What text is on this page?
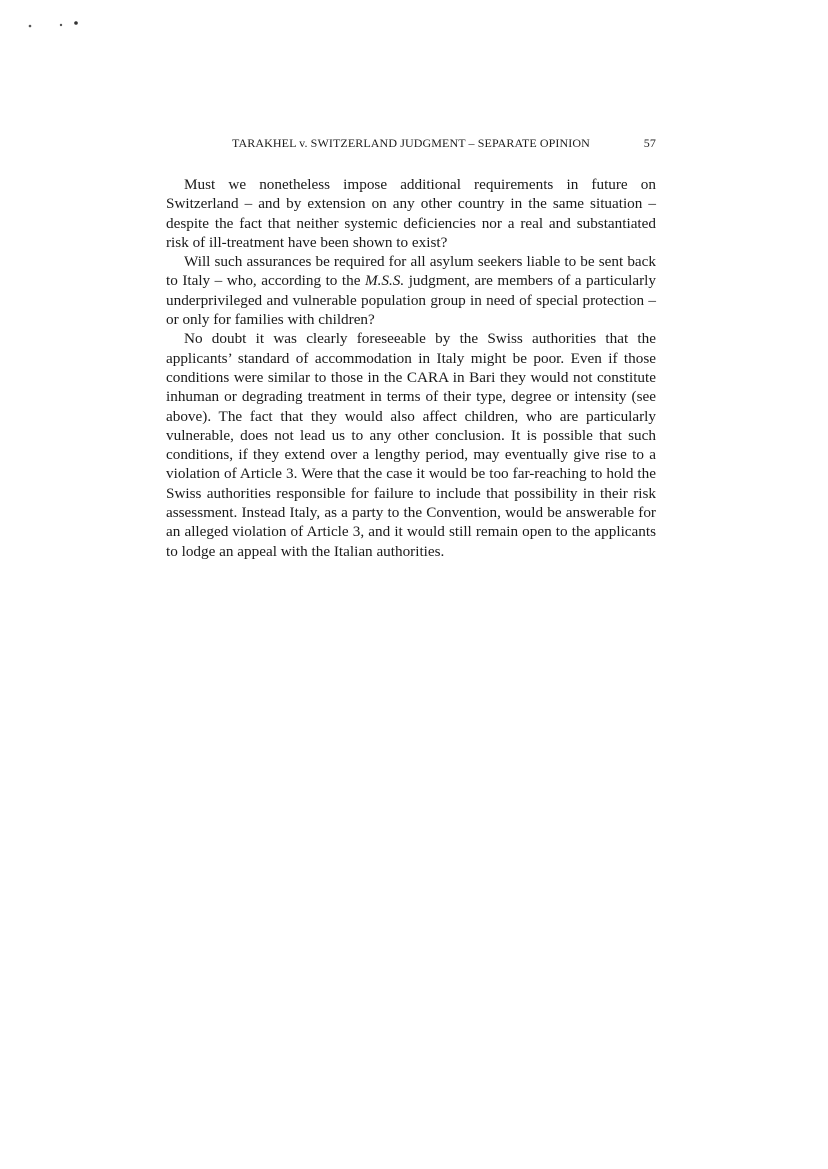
TARAKHEL v. SWITZERLAND JUDGMENT – SEPARATE OPINION	57

Must we nonetheless impose additional requirements in future on Switzerland – and by extension on any other country in the same situation – despite the fact that neither systemic deficiencies nor a real and substantiated risk of ill-treatment have been shown to exist?

Will such assurances be required for all asylum seekers liable to be sent back to Italy – who, according to the M.S.S. judgment, are members of a particularly underprivileged and vulnerable population group in need of special protection – or only for families with children?

No doubt it was clearly foreseeable by the Swiss authorities that the applicants’ standard of accommodation in Italy might be poor. Even if those conditions were similar to those in the CARA in Bari they would not constitute inhuman or degrading treatment in terms of their type, degree or intensity (see above). The fact that they would also affect children, who are particularly vulnerable, does not lead us to any other conclusion. It is possible that such conditions, if they extend over a lengthy period, may eventually give rise to a violation of Article 3. Were that the case it would be too far-reaching to hold the Swiss authorities responsible for failure to include that possibility in their risk assessment. Instead Italy, as a party to the Convention, would be answerable for an alleged violation of Article 3, and it would still remain open to the applicants to lodge an appeal with the Italian authorities.
